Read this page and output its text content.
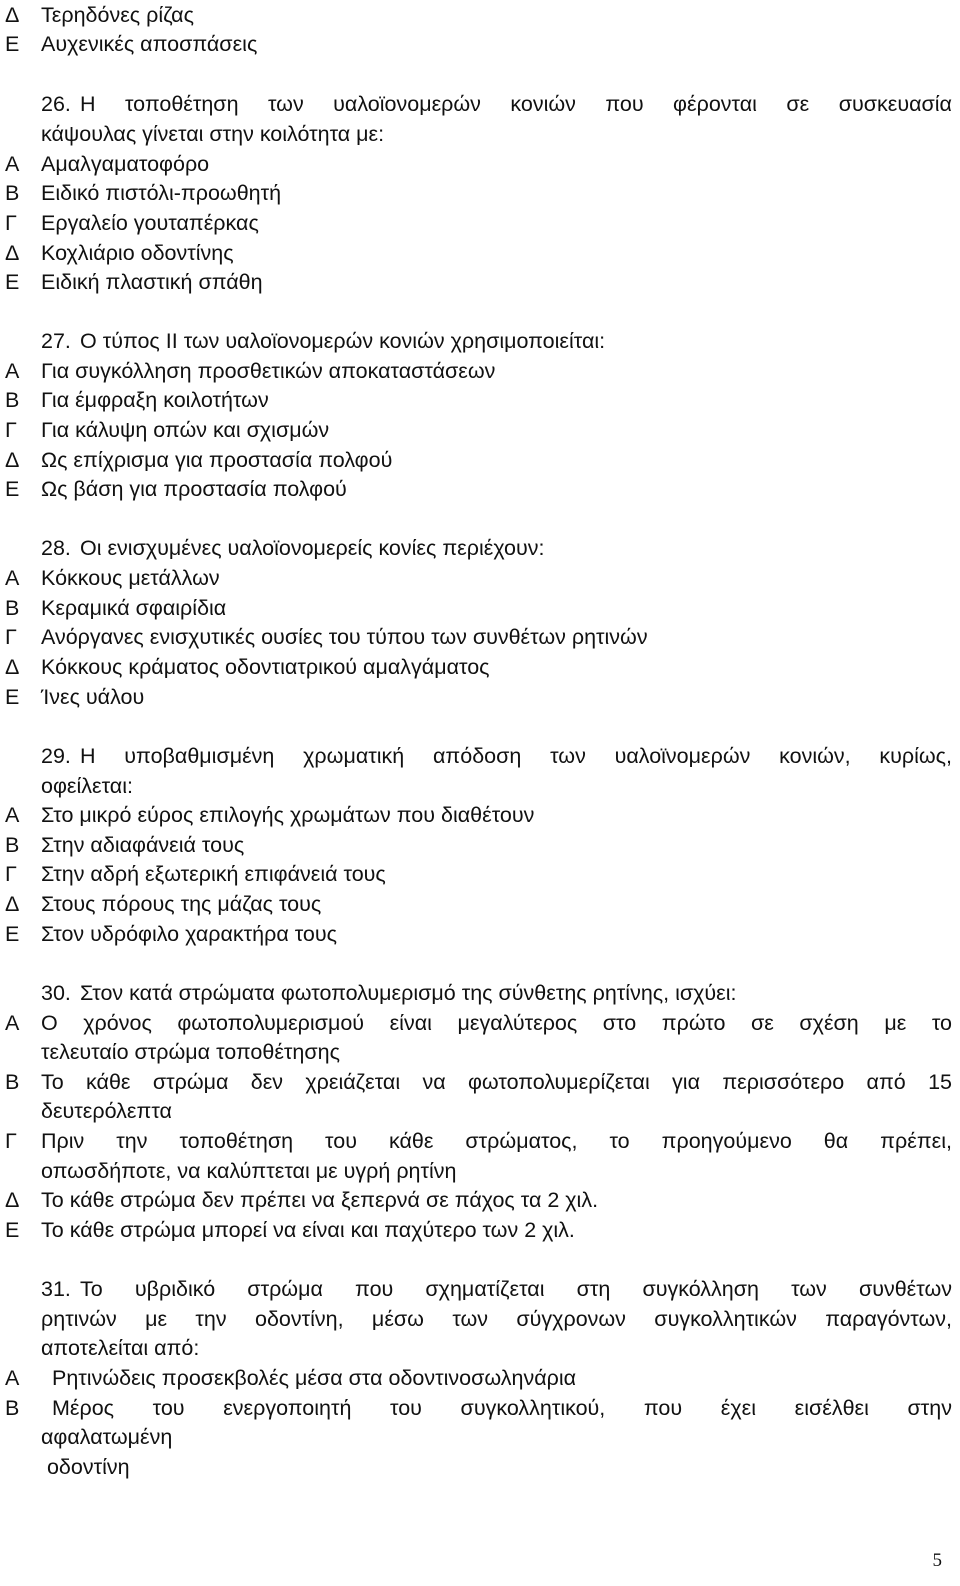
Δ Τερηδόνες ρίζας
Ε Αυχενικές αποσπάσεις
26. Η τοποθέτηση των υαλοϊονομερών κονιών που φέρονται σε συσκευασία
κάψουλας γίνεται στην κοιλότητα με:
Α Αμαλγαματοφόρο
Β Ειδικό πιστόλι-προωθητή
Γ Εργαλείο γουταπέρκας
Δ Κοχλιάριο οδοντίνης
Ε Ειδική πλαστική σπάθη
27. Ο τύπος ΙΙ των υαλοϊονομερών κονιών χρησιμοποιείται:
Α Για συγκόλληση προσθετικών αποκαταστάσεων
Β Για έμφραξη κοιλοτήτων
Γ Για κάλυψη οπών και σχισμών
Δ Ως επίχρισμα για προστασία πολφού
Ε Ως βάση για προστασία πολφού
28. Οι ενισχυμένες υαλοϊονομερείς κονίες περιέχουν:
Α Κόκκους μετάλλων
Β Κεραμικά σφαιρίδια
Γ Ανόργανες ενισχυτικές ουσίες του τύπου των συνθέτων ρητινών
Δ Κόκκους κράματος οδοντιατρικού αμαλγάματος
Ε Ίνες υάλου
29. Η υποβαθμισμένη χρωματική απόδοση των υαλοϊνομερών κονιών, κυρίως,
οφείλεται:
Α Στο μικρό εύρος επιλογής χρωμάτων που διαθέτουν
Β Στην αδιαφάνειά τους
Γ Στην αδρή εξωτερική επιφάνειά τους
Δ Στους πόρους της μάζας τους
Ε Στον υδρόφιλο χαρακτήρα τους
30. Στον κατά στρώματα φωτοπολυμερισμό της σύνθετης ρητίνης, ισχύει:
Α Ο χρόνος φωτοπολυμερισμού είναι μεγαλύτερος στο πρώτο σε σχέση με το
τελευταίο στρώμα τοποθέτησης
Β Το κάθε στρώμα δεν χρειάζεται να φωτοπολυμερίζεται για περισσότερο από 15
δευτερόλεπτα
Γ Πριν την τοποθέτηση του κάθε στρώματος, το προηγούμενο θα πρέπει,
οπωσδήποτε, να καλύπτεται με υγρή ρητίνη
Δ Το κάθε στρώμα δεν πρέπει να ξεπερνά σε πάχος τα 2 χιλ.
Ε Το κάθε στρώμα μπορεί να είναι και παχύτερο των 2 χιλ.
31. Το υβριδικό στρώμα που σχηματίζεται στη συγκόλληση των συνθέτων
ρητινών με την οδοντίνη, μέσω των σύγχρονων συγκολλητικών παραγόντων,
αποτελείται από:
Α Ρητινώδεις προσεκβολές μέσα στα οδοντινοσωληνάρια
Β Μέρος του ενεργοποιητή του συγκολλητικού, που έχει εισέλθει στην
αφαλατωμένη
οδοντίνη
5
